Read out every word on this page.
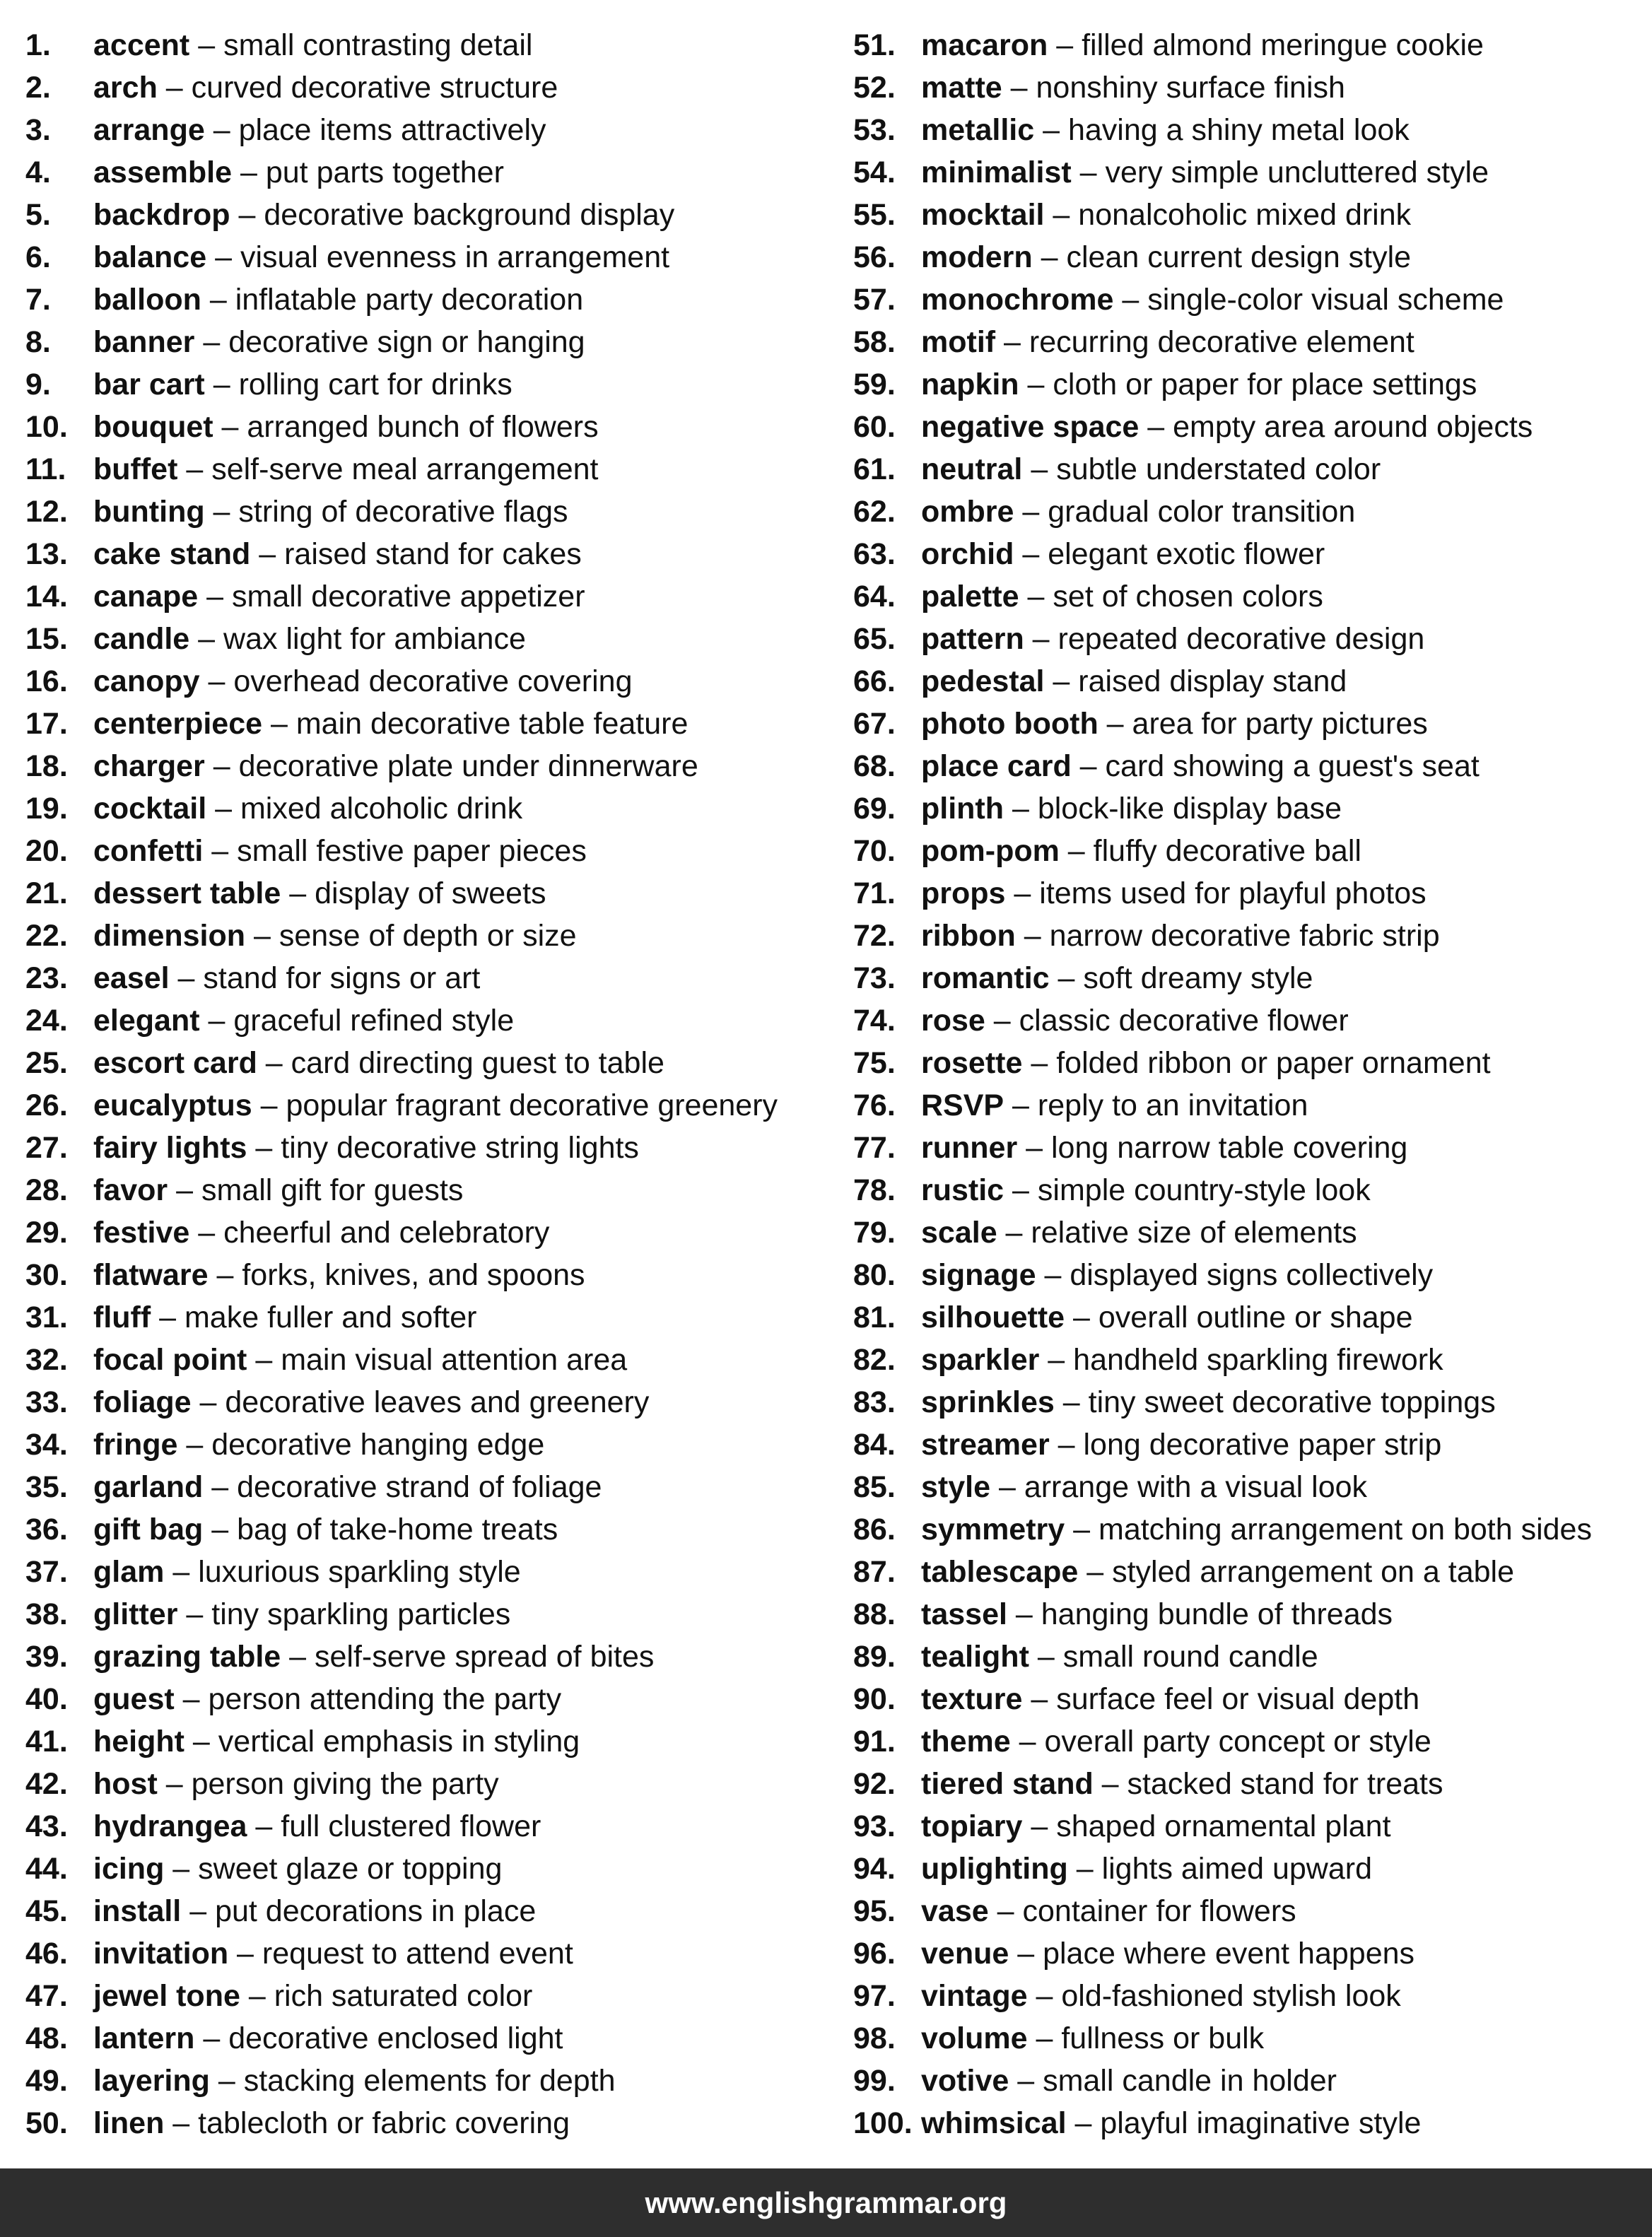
1. accent – small contrasting detail
2. arch – curved decorative structure
3. arrange – place items attractively
4. assemble – put parts together
5. backdrop – decorative background display
6. balance – visual evenness in arrangement
7. balloon – inflatable party decoration
8. banner – decorative sign or hanging
9. bar cart – rolling cart for drinks
10. bouquet – arranged bunch of flowers
11. buffet – self-serve meal arrangement
12. bunting – string of decorative flags
13. cake stand – raised stand for cakes
14. canape – small decorative appetizer
15. candle – wax light for ambiance
16. canopy – overhead decorative covering
17. centerpiece – main decorative table feature
18. charger – decorative plate under dinnerware
19. cocktail – mixed alcoholic drink
20. confetti – small festive paper pieces
21. dessert table – display of sweets
22. dimension – sense of depth or size
23. easel – stand for signs or art
24. elegant – graceful refined style
25. escort card – card directing guest to table
26. eucalyptus – popular fragrant decorative greenery
27. fairy lights – tiny decorative string lights
28. favor – small gift for guests
29. festive – cheerful and celebratory
30. flatware – forks, knives, and spoons
31. fluff – make fuller and softer
32. focal point – main visual attention area
33. foliage – decorative leaves and greenery
34. fringe – decorative hanging edge
35. garland – decorative strand of foliage
36. gift bag – bag of take-home treats
37. glam – luxurious sparkling style
38. glitter – tiny sparkling particles
39. grazing table – self-serve spread of bites
40. guest – person attending the party
41. height – vertical emphasis in styling
42. host – person giving the party
43. hydrangea – full clustered flower
44. icing – sweet glaze or topping
45. install – put decorations in place
46. invitation – request to attend event
47. jewel tone – rich saturated color
48. lantern – decorative enclosed light
49. layering – stacking elements for depth
50. linen – tablecloth or fabric covering
51. macaron – filled almond meringue cookie
52. matte – nonshiny surface finish
53. metallic – having a shiny metal look
54. minimalist – very simple uncluttered style
55. mocktail – nonalcoholic mixed drink
56. modern – clean current design style
57. monochrome – single-color visual scheme
58. motif – recurring decorative element
59. napkin – cloth or paper for place settings
60. negative space – empty area around objects
61. neutral – subtle understated color
62. ombre – gradual color transition
63. orchid – elegant exotic flower
64. palette – set of chosen colors
65. pattern – repeated decorative design
66. pedestal – raised display stand
67. photo booth – area for party pictures
68. place card – card showing a guest's seat
69. plinth – block-like display base
70. pom-pom – fluffy decorative ball
71. props – items used for playful photos
72. ribbon – narrow decorative fabric strip
73. romantic – soft dreamy style
74. rose – classic decorative flower
75. rosette – folded ribbon or paper ornament
76. RSVP – reply to an invitation
77. runner – long narrow table covering
78. rustic – simple country-style look
79. scale – relative size of elements
80. signage – displayed signs collectively
81. silhouette – overall outline or shape
82. sparkler – handheld sparkling firework
83. sprinkles – tiny sweet decorative toppings
84. streamer – long decorative paper strip
85. style – arrange with a visual look
86. symmetry – matching arrangement on both sides
87. tablescape – styled arrangement on a table
88. tassel – hanging bundle of threads
89. tealight – small round candle
90. texture – surface feel or visual depth
91. theme – overall party concept or style
92. tiered stand – stacked stand for treats
93. topiary – shaped ornamental plant
94. uplighting – lights aimed upward
95. vase – container for flowers
96. venue – place where event happens
97. vintage – old-fashioned stylish look
98. volume – fullness or bulk
99. votive – small candle in holder
100. whimsical – playful imaginative style
www.englishgrammar.org
